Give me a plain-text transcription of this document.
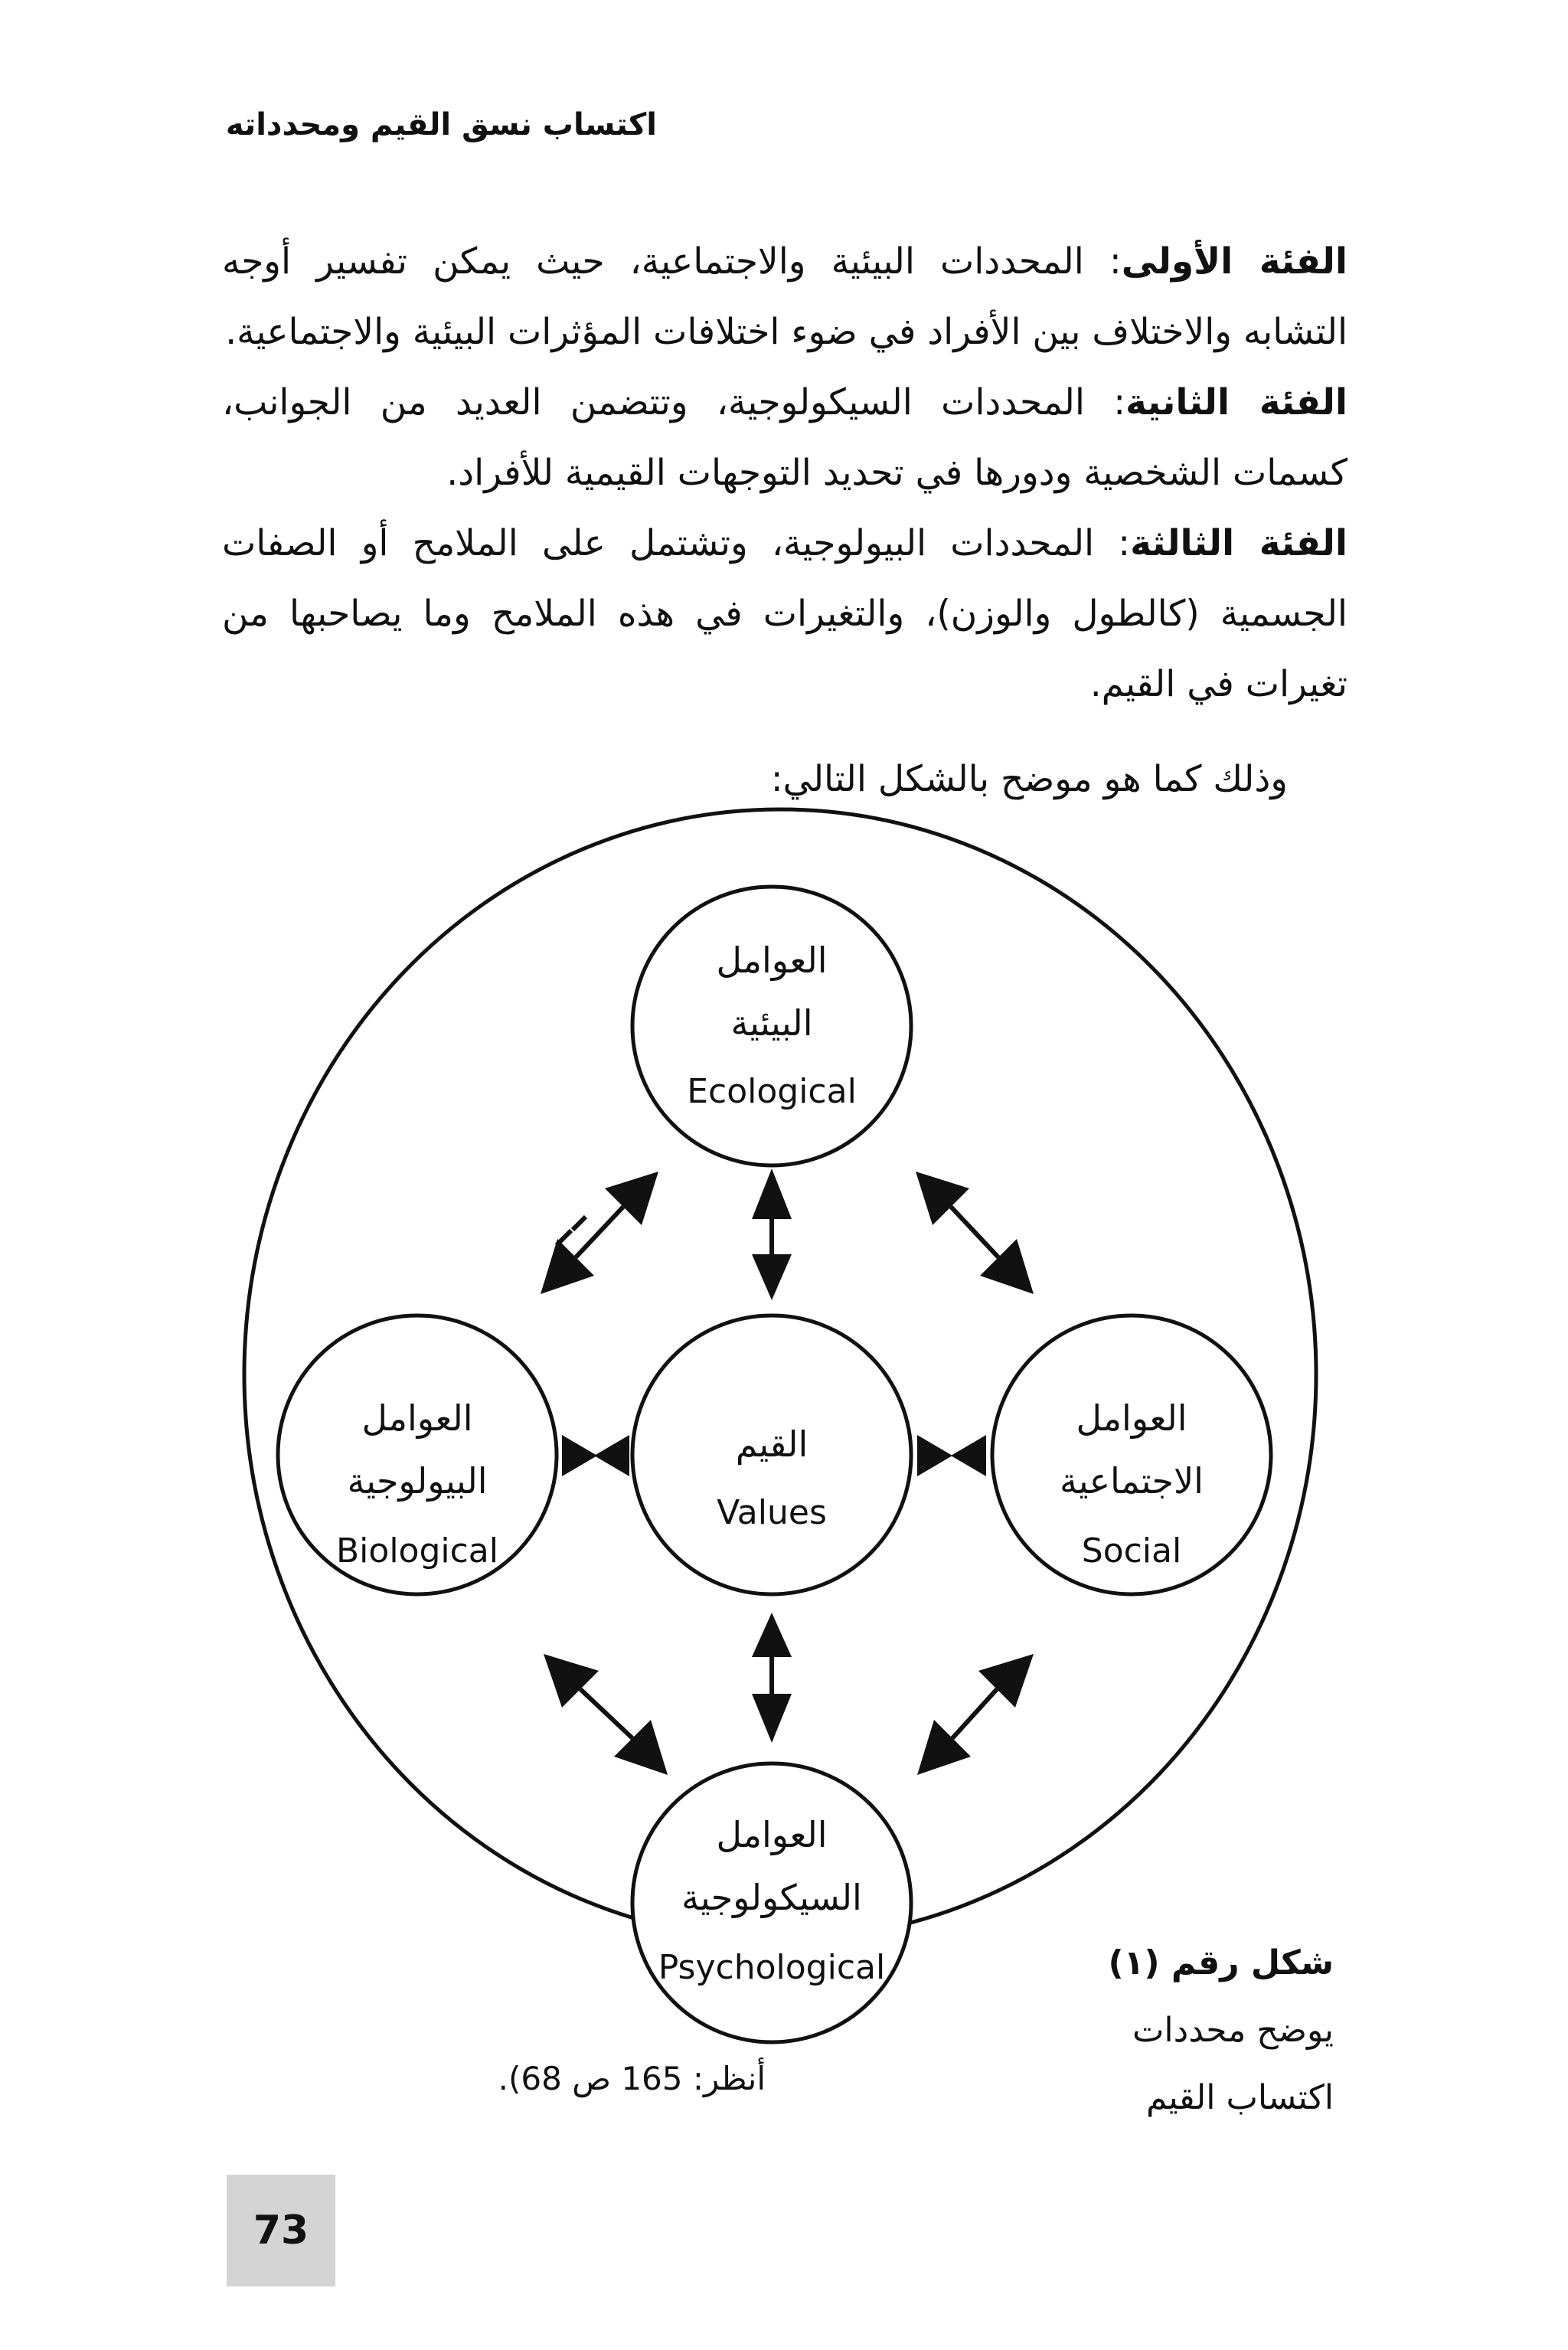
اكتساب نسق القيم ومحدداته

الفئة الأولى: المحددات البيئية والاجتماعية، حيث يمكن تفسير أوجه التشابه والاختلاف بين الأفراد في ضوء اختلافات المؤثرات البيئية والاجتماعية.

الفئة الثانية: المحددات السيكولوجية، وتتضمن العديد من الجوانب، كسمات الشخصية ودورها في تحديد التوجهات القيمية للأفراد.

الفئة الثالثة: المحددات البيولوجية، وتشتمل على الملامح أو الصفات الجسمية (كالطول والوزن)، والتغيرات في هذه الملامح وما يصاحبها من تغيرات في القيم.

وذلك كما هو موضح بالشكل التالي:
العوامل
البيئية
Ecological
القيم
Values
العوامل
البيولوجية
Biological
العوامل
الاجتماعية
Social
العوامل
السيكولوجية
Psychological	شكل رقم (١)
يوضح محددات
اكتساب القيم
أنظر: 165 ص 68).
73
